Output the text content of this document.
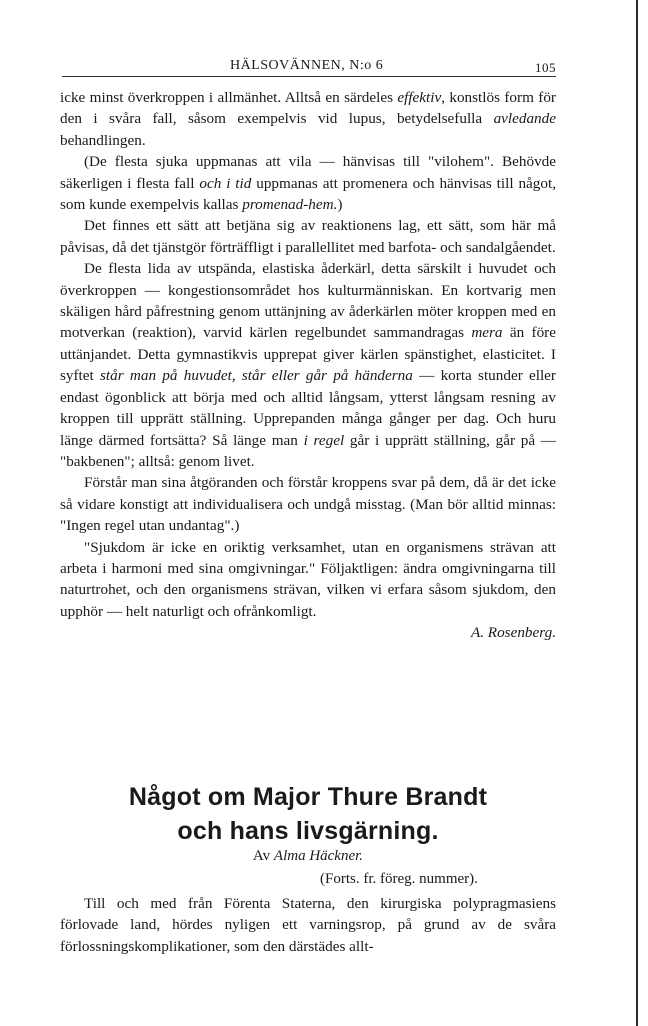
HÄLSOVÄNNEN, N:o 6	105

icke minst överkroppen i allmänhet. Alltså en särdeles effektiv, konstlös form för den i svåra fall, såsom exempelvis vid lupus, betydelsefulla avledande behandlingen.

(De flesta sjuka uppmanas att vila — hänvisas till "vilohem". Behövde säkerligen i flesta fall och i tid uppmanas att promenera och hänvisas till något, som kunde exempelvis kallas promenad-hem.)

Det finnes ett sätt att betjäna sig av reaktionens lag, ett sätt, som här må påvisas, då det tjänstgör förträffligt i parallellitet med barfota- och sandalgåendet.

De flesta lida av utspända, elastiska åderkärl, detta särskilt i huvudet och överkroppen — kongestionsområdet hos kulturmänniskan. En kortvarig men skäligen hård påfrestning genom uttänjning av åderkärlen möter kroppen med en motverkan (reaktion), varvid kärlen regelbundet sammandragas mera än före uttänjandet. Detta gymnastikvis upprepat giver kärlen spänstighet, elasticitet. I syftet står man på huvudet, står eller går på händerna — korta stunder eller endast ögonblick att börja med och alltid långsam, ytterst långsam resning av kroppen till upprätt ställning. Upprepanden många gånger per dag. Och huru länge därmed fortsätta? Så länge man i regel går i upprätt ställning, går på — "bakbenen"; alltså: genom livet.

Förstår man sina åtgöranden och förstår kroppens svar på dem, då är det icke så vidare konstigt att individualisera och undgå misstag. (Man bör alltid minnas: "Ingen regel utan undantag".)

"Sjukdom är icke en oriktig verksamhet, utan en organismens strävan att arbeta i harmoni med sina omgivningar." Följaktligen: ändra omgivningarna till naturtrohet, och den organismens strävan, vilken vi erfara såsom sjukdom, den upphör — helt naturligt och ofrånkomligt.

A. Rosenberg.

Något om Major Thure Brandt
och hans livsgärning.
Av Alma Häckner.
(Forts. fr. föreg. nummer).

Till och med från Förenta Staterna, den kirurgiska polypragmasiens förlovade land, hördes nyligen ett varningsrop, på grund av de svåra förlossningskomplikationer, som den därstädes allt-
